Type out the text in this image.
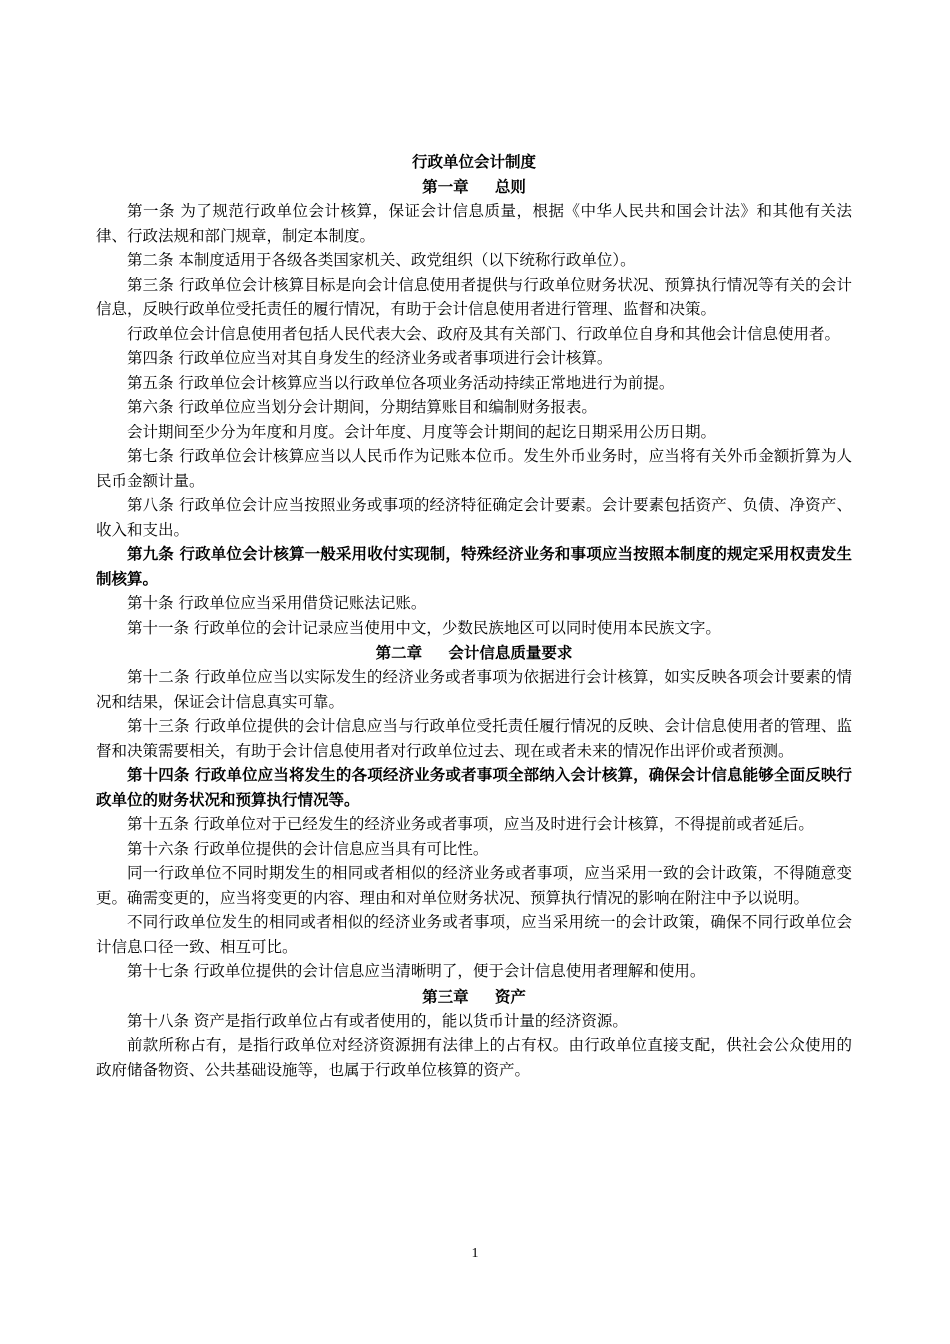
行政单位会计制度
第一章 　 总则

第一条 为了规范行政单位会计核算，保证会计信息质量，根据《中华人民共和国会计法》和其他有关法律、行政法规和部门规章，制定本制度。

第二条 本制度适用于各级各类国家机关、政党组织（以下统称行政单位）。

第三条 行政单位会计核算目标是向会计信息使用者提供与行政单位财务状况、预算执行情况等有关的会计信息，反映行政单位受托责任的履行情况，有助于会计信息使用者进行管理、监督和决策。

行政单位会计信息使用者包括人民代表大会、政府及其有关部门、行政单位自身和其他会计信息使用者。

第四条 行政单位应当对其自身发生的经济业务或者事项进行会计核算。

第五条 行政单位会计核算应当以行政单位各项业务活动持续正常地进行为前提。

第六条 行政单位应当划分会计期间，分期结算账目和编制财务报表。

会计期间至少分为年度和月度。会计年度、月度等会计期间的起讫日期采用公历日期。

第七条 行政单位会计核算应当以人民币作为记账本位币。发生外币业务时，应当将有关外币金额折算为人民币金额计量。

第八条 行政单位会计应当按照业务或事项的经济特征确定会计要素。会计要素包括资产、负债、净资产、收入和支出。

第九条 行政单位会计核算一般采用收付实现制，特殊经济业务和事项应当按照本制度的规定采用权责发生制核算。

第十条 行政单位应当采用借贷记账法记账。

第十一条 行政单位的会计记录应当使用中文，少数民族地区可以同时使用本民族文字。

第二章 　 会计信息质量要求

第十二条 行政单位应当以实际发生的经济业务或者事项为依据进行会计核算，如实反映各项会计要素的情况和结果，保证会计信息真实可靠。

第十三条 行政单位提供的会计信息应当与行政单位受托责任履行情况的反映、会计信息使用者的管理、监督和决策需要相关，有助于会计信息使用者对行政单位过去、现在或者未来的情况作出评价或者预测。

第十四条 行政单位应当将发生的各项经济业务或者事项全部纳入会计核算，确保会计信息能够全面反映行政单位的财务状况和预算执行情况等。

第十五条 行政单位对于已经发生的经济业务或者事项，应当及时进行会计核算，不得提前或者延后。

第十六条 行政单位提供的会计信息应当具有可比性。

同一行政单位不同时期发生的相同或者相似的经济业务或者事项，应当采用一致的会计政策，不得随意变更。确需变更的，应当将变更的内容、理由和对单位财务状况、预算执行情况的影响在附注中予以说明。

不同行政单位发生的相同或者相似的经济业务或者事项，应当采用统一的会计政策，确保不同行政单位会计信息口径一致、相互可比。

第十七条 行政单位提供的会计信息应当清晰明了，便于会计信息使用者理解和使用。

第三章 　 资产

第十八条 资产是指行政单位占有或者使用的，能以货币计量的经济资源。

前款所称占有，是指行政单位对经济资源拥有法律上的占有权。由行政单位直接支配，供社会公众使用的政府储备物资、公共基础设施等，也属于行政单位核算的资产。

1
